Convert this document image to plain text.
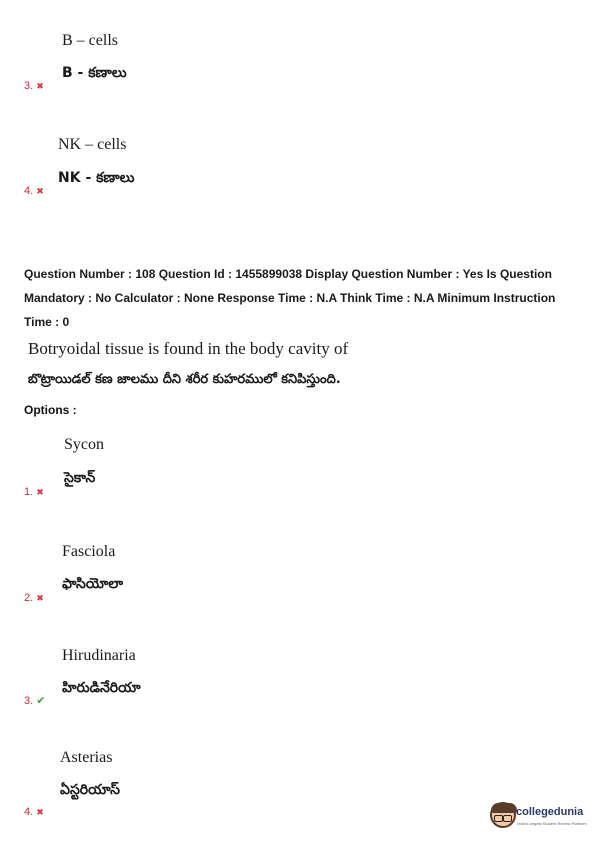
B – cells
B - కణాలు
3. ✖
NK – cells
NK - కణాలు
4. ✖
Question Number : 108 Question Id : 1455899038 Display Question Number : Yes Is Question Mandatory : No Calculator : None Response Time : N.A Think Time : N.A Minimum Instruction Time : 0
Botryoidal tissue is found in the body cavity of
బొట్రాయిడల్ కణ జాలము దీని శరీర కుహరములో కనిపిస్తుంది.
Options :
Sycon
సైకాన్
1. ✖
Fasciola
ఫాసియోలా
2. ✖
Hirudinaria
హిరుడినేరియా
3. ✔
Asterias
ఏస్టరియాస్
4. ✖	collegedunia
India's largest Student Review Platform
